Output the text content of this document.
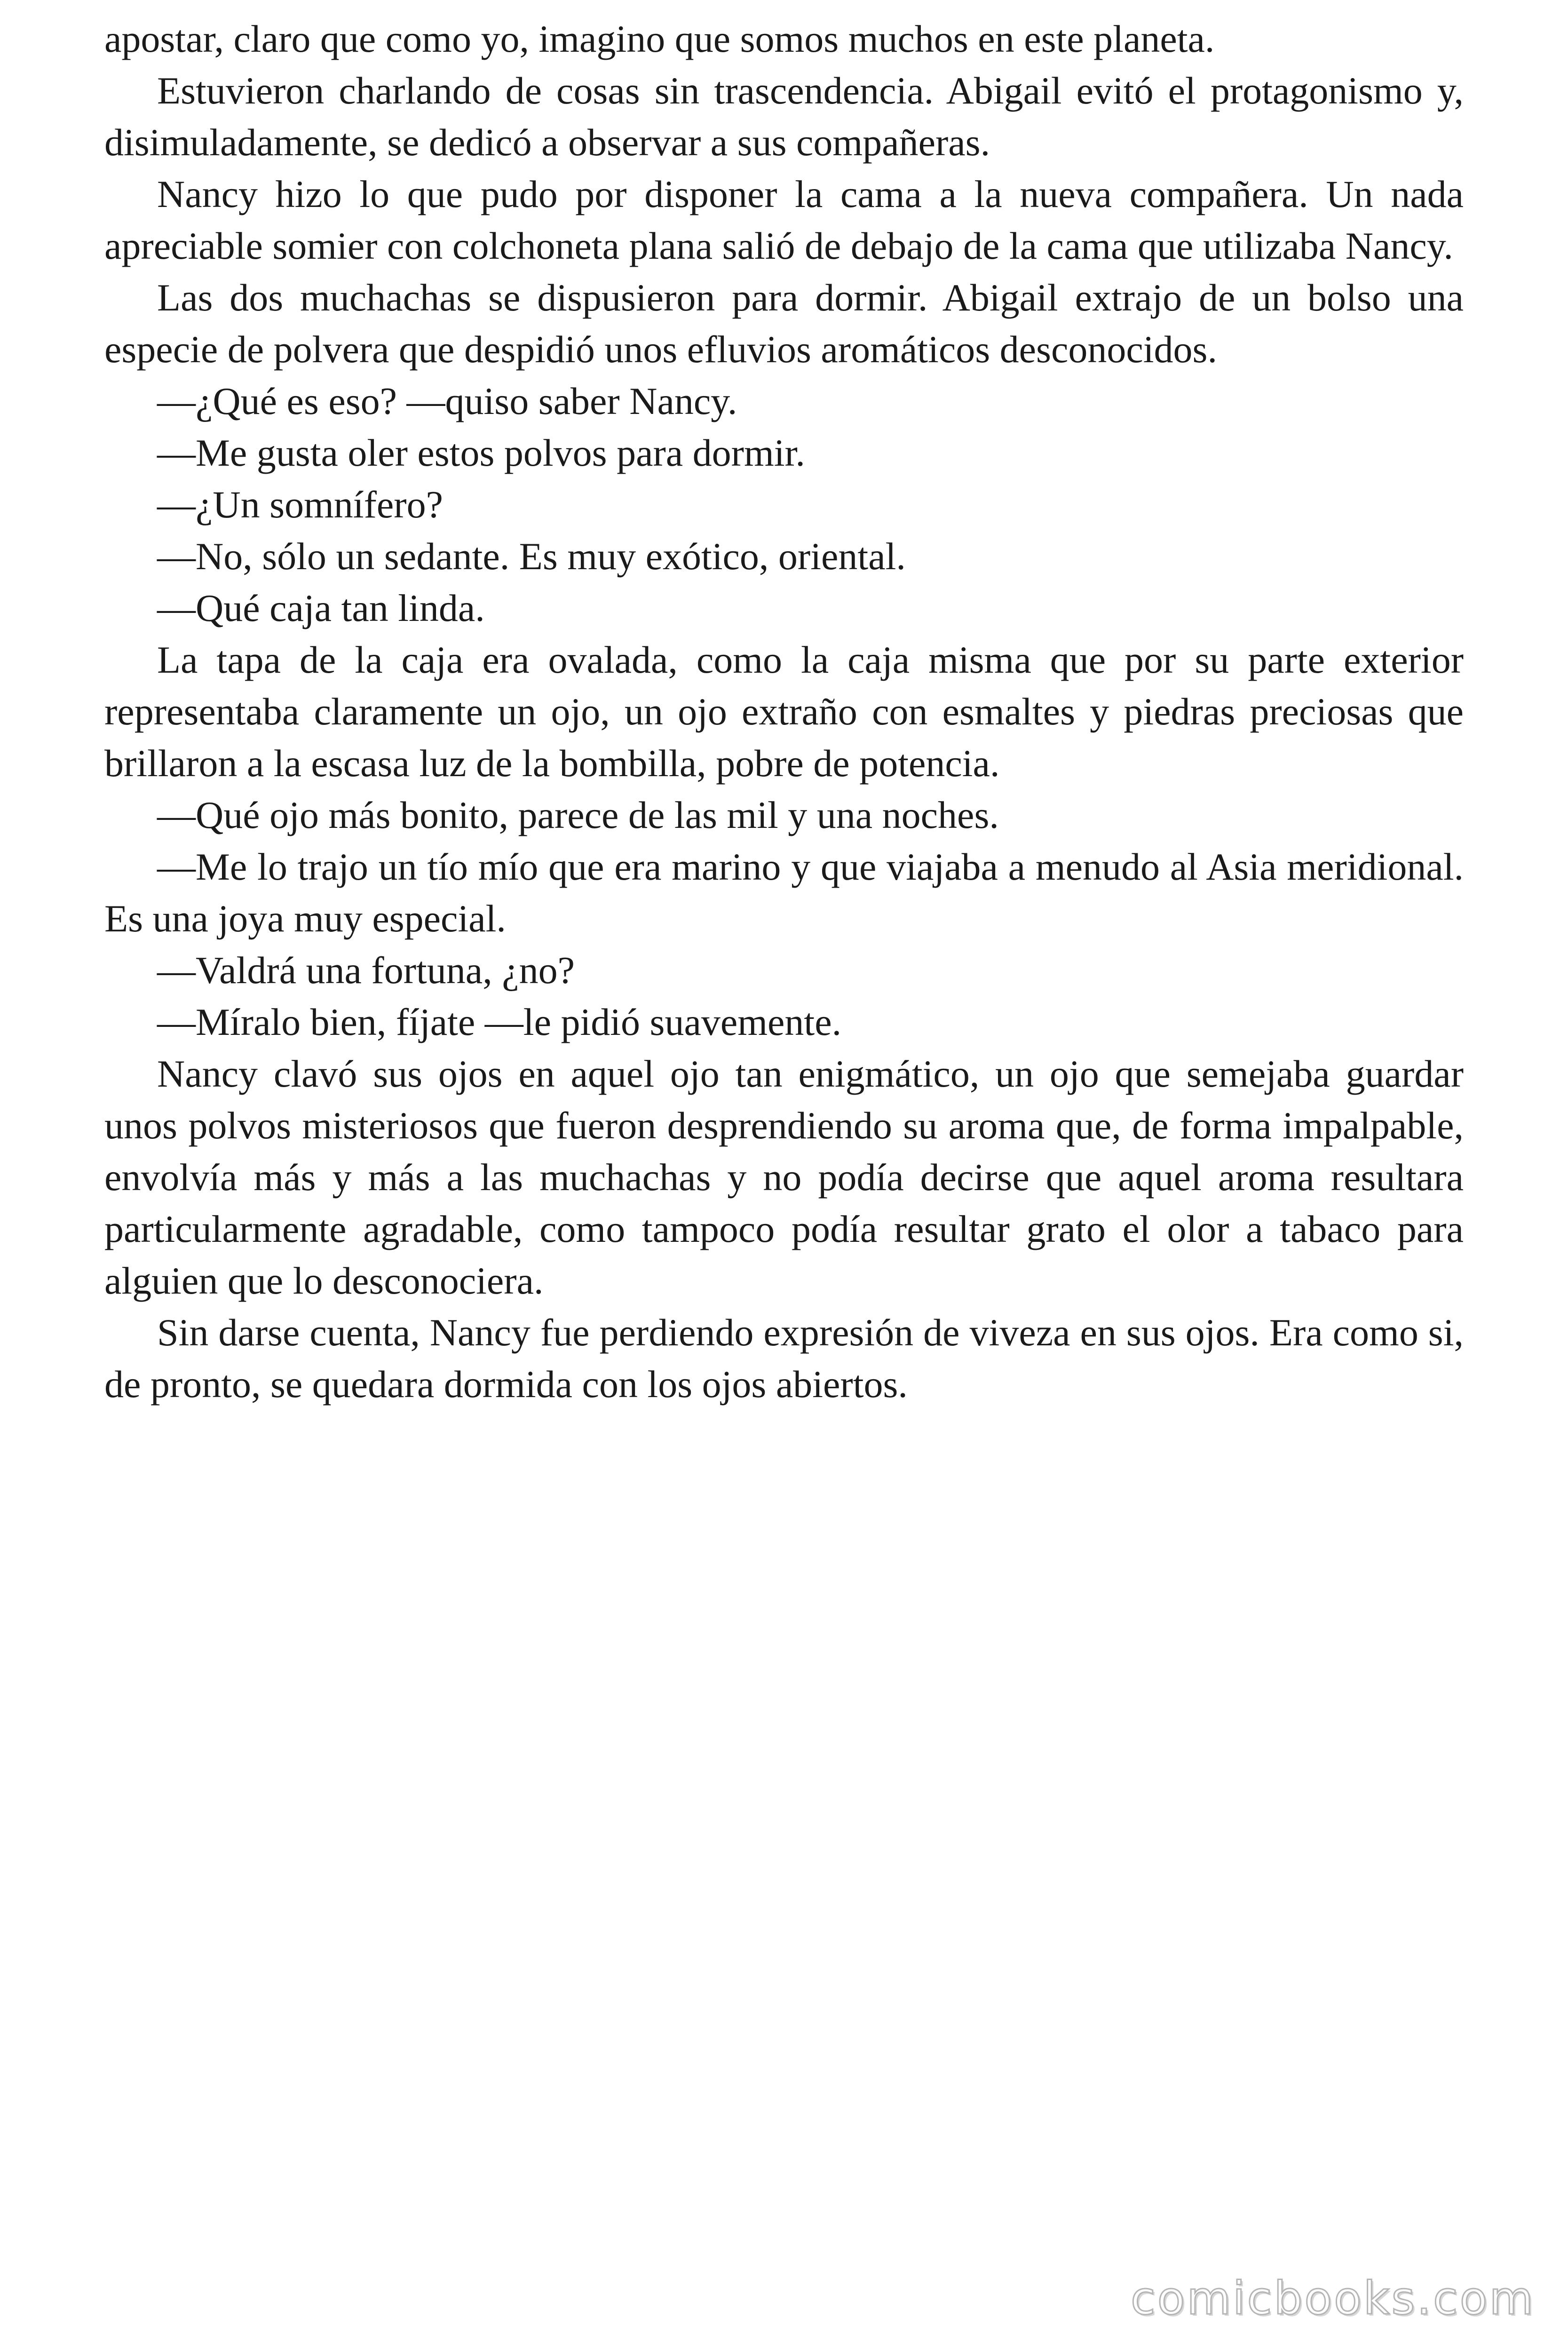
apostar, claro que como yo, imagino que somos muchos en este planeta.

Estuvieron charlando de cosas sin trascendencia. Abigail evitó el protagonismo y, disimuladamente, se dedicó a observar a sus compañeras.

Nancy hizo lo que pudo por disponer la cama a la nueva compañera. Un nada apreciable somier con colchoneta plana salió de debajo de la cama que utilizaba Nancy.

Las dos muchachas se dispusieron para dormir. Abigail extrajo de un bolso una especie de polvera que despidió unos efluvios aromáticos desconocidos.

—¿Qué es eso? —quiso saber Nancy.

—Me gusta oler estos polvos para dormir.

—¿Un somnífero?

—No, sólo un sedante. Es muy exótico, oriental.

—Qué caja tan linda.

La tapa de la caja era ovalada, como la caja misma que por su parte exterior representaba claramente un ojo, un ojo extraño con esmaltes y piedras preciosas que brillaron a la escasa luz de la bombilla, pobre de potencia.

—Qué ojo más bonito, parece de las mil y una noches.

—Me lo trajo un tío mío que era marino y que viajaba a menudo al Asia meridional. Es una joya muy especial.

—Valdrá una fortuna, ¿no?

—Míralo bien, fíjate —le pidió suavemente.

Nancy clavó sus ojos en aquel ojo tan enigmático, un ojo que semejaba guardar unos polvos misteriosos que fueron desprendiendo su aroma que, de forma impalpable, envolvía más y más a las muchachas y no podía decirse que aquel aroma resultara particularmente agradable, como tampoco podía resultar grato el olor a tabaco para alguien que lo desconociera.

Sin darse cuenta, Nancy fue perdiendo expresión de viveza en sus ojos. Era como si, de pronto, se quedara dormida con los ojos abiertos.

comicbooks.com
